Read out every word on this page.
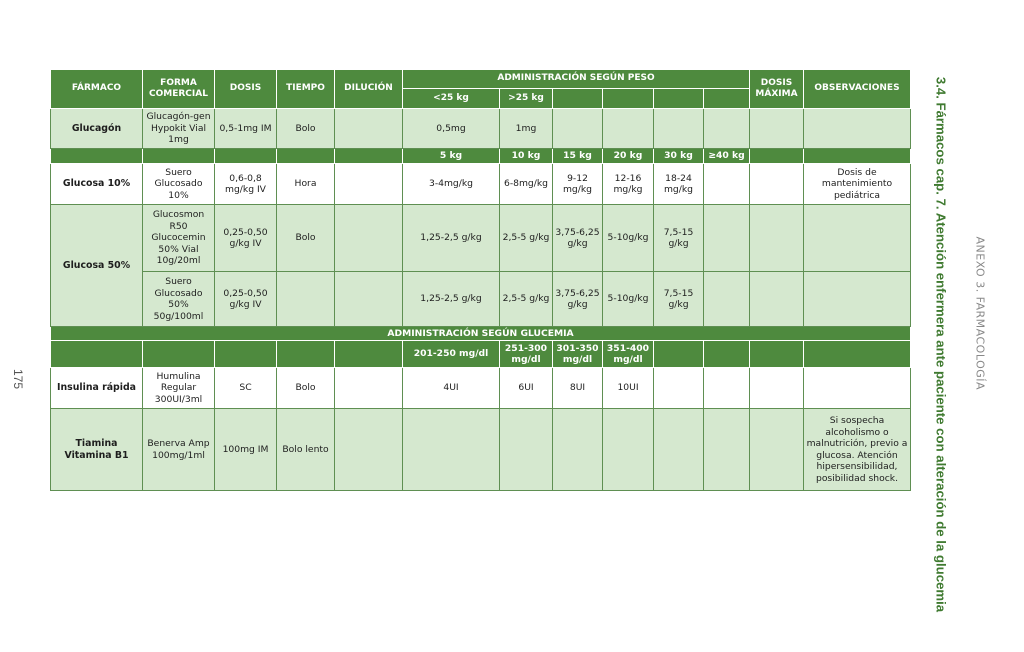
175	ANEXO 3. FARMACOLOGÍA
3.4. Fármacos cap. 7. Atención enfermera ante paciente con alteración de la glucemia
FÁRMACO	FORMA COMERCIAL	DOSIS	TIEMPO	DILUCIÓN	ADMINISTRACIÓN SEGÚN PESO						DOSIS MÁXIMA	OBSERVACIONES
					<25 kg	>25 kg						
Glucagón	Glucagón-gen Hypokit Vial 1mg	0,5-1mg IM	Bolo		0,5mg	1mg						
					5 kg	10 kg	15 kg	20 kg	30 kg	≥40 kg		
Glucosa 10%	Suero Glucosado 10%	0,6-0,8 mg/kg IV	Hora		3-4mg/kg	6-8mg/kg	9-12 mg/kg	12-16 mg/kg	18-24 mg/kg			Dosis de mantenimiento pediátrica
Glucosa 50%	Glucosmon R50 Glucocemin 50% Vial 10g/20ml	0,25-0,50 g/kg IV	Bolo		1,25-2,5 g/kg	2,5-5 g/kg	3,75-6,25 g/kg	5-10g/kg	7,5-15 g/kg			
	Suero Glucosado 50% 50g/100ml	0,25-0,50 g/kg IV			1,25-2,5 g/kg	2,5-5 g/kg	3,75-6,25 g/kg	5-10g/kg	7,5-15 g/kg			
ADMINISTRACIÓN SEGÚN GLUCEMIA												
					201-250 mg/dl	251-300 mg/dl	301-350 mg/dl	351-400 mg/dl				
Insulina rápida	Humulina Regular 300UI/3ml	SC	Bolo		4UI	6UI	8UI	10UI				
Tiamina Vitamina B1	Benerva Amp 100mg/1ml	100mg IM	Bolo lento									Si sospecha alcoholismo o malnutrición, previo a glucosa. Atención hipersensibilidad, posibilidad shock.
